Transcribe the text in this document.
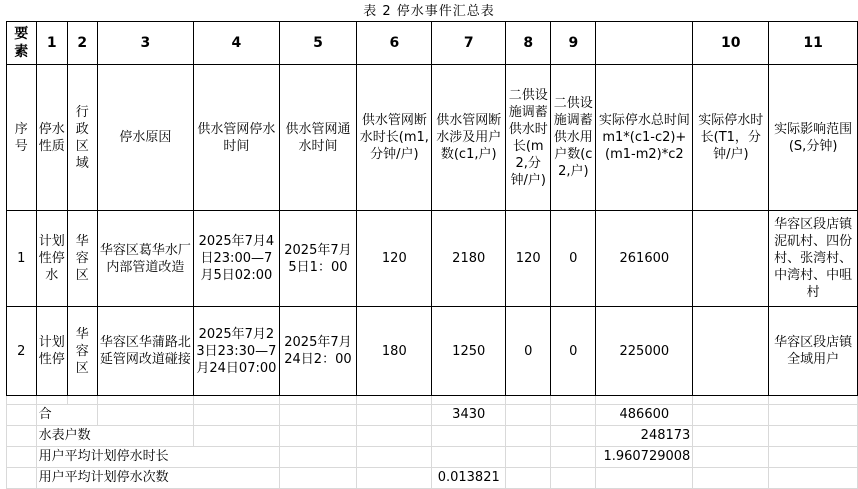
表 2 停水事件汇总表
要素	1	2	3	4	5	6	7	8	9		10	11
序号	停水性质	行政区域	停水原因	供水管网停水时间	供水管网通水时间	供水管网断水时长(m1,分钟/户)	供水管网断水涉及用户数(c1,户)	二供设施调蓄供水时长(m2,分钟/户)	二供设施调蓄供水用户数(c2,户)	实际停水总时间m1*(c1-c2)+(m1-m2)*c2	实际停水时长(T1，分钟/户)	实际影响范围(S,分钟)
1	计划性停水	华容区	华容区葛华水厂内部管道改造	2025年7月4日23:00—7月5日02:00	2025年7月5日1：00	120	2180	120	0	261600		华容区段店镇泥矶村、四份村、张湾村、中湾村、中咀村
2	计划性停	华容区	华容区华蒲路北延管网改道碰接	2025年7月23日23:30—7月24日07:00	2025年7月24日2：00	180	1250	0	0	225000		华容区段店镇全域用户

	合						3430			486600		
	水表户数									248173		
	用户平均计划停水时长									1.960729008		
	用户平均计划停水次数						0.013821					
